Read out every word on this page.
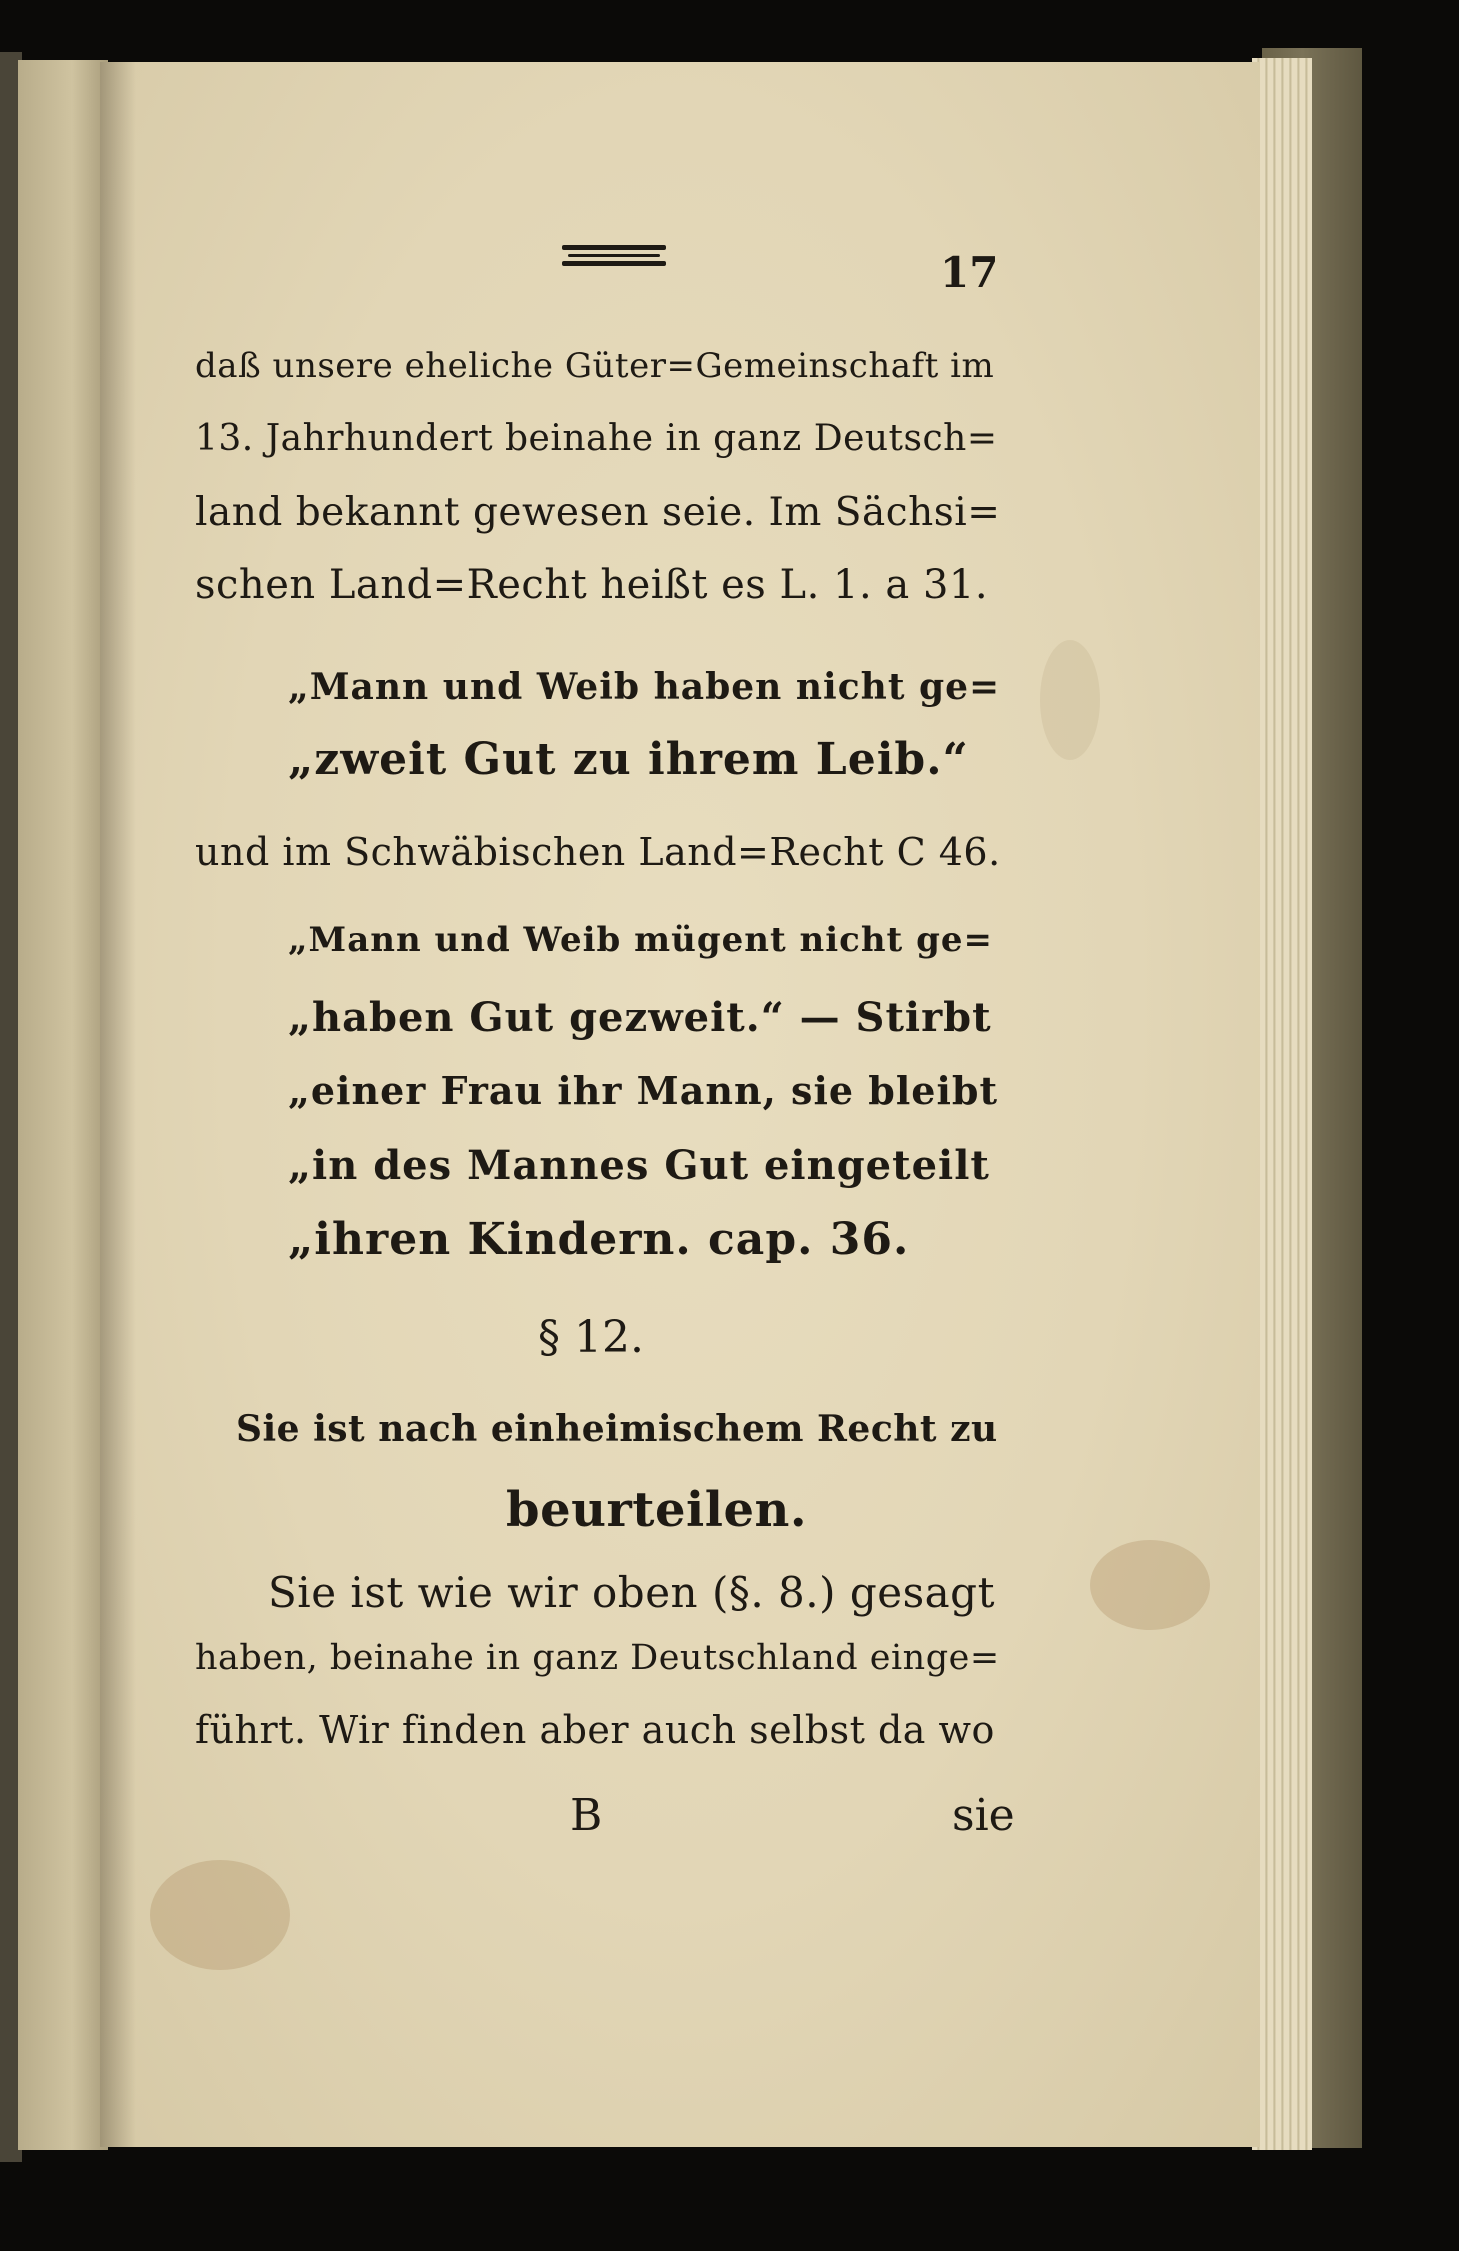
17
daß unsere eheliche Güter=Gemeinschaft im
13. Jahrhundert beinahe in ganz Deutsch=
land bekannt gewesen seie. Im Sächsi=
schen Land=Recht heißt es L. 1. a 31.
„Mann und Weib haben nicht ge=
„zweit Gut zu ihrem Leib.“
und im Schwäbischen Land=Recht C 46.
„Mann und Weib mügent nicht ge=
„haben Gut gezweit.“ — Stirbt
„einer Frau ihr Mann, sie bleibt
„in des Mannes Gut eingeteilt
„ihren Kindern. cap. 36.
§ 12.
Sie ist nach einheimischem Recht zu
beurteilen.
Sie ist wie wir oben (§. 8.) gesagt
haben, beinahe in ganz Deutschland einge=
führt. Wir finden aber auch selbst da wo
B	sie
